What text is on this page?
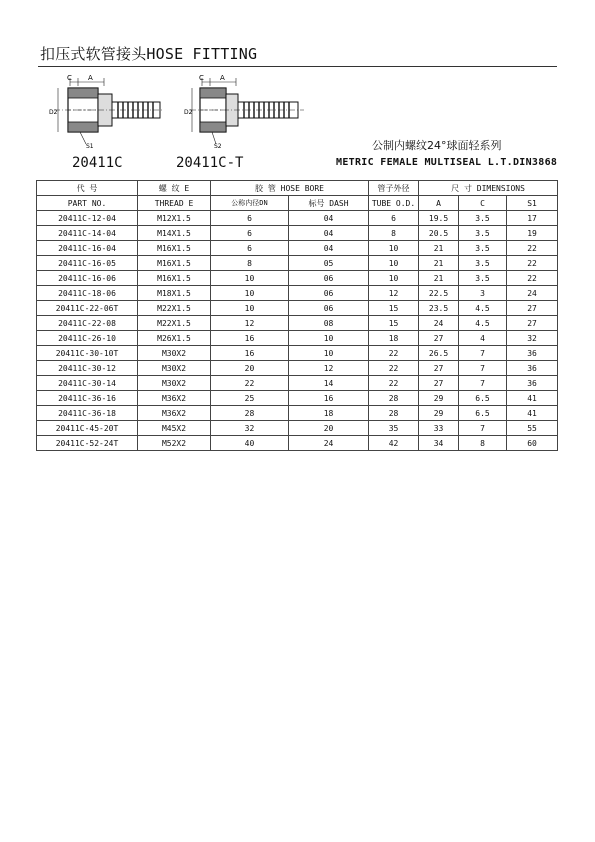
扣压式软管接头HOSE FITTING
C A
D2
S1
20411C
C A
D2
S2
20411C-T
公制内螺纹24°球面轻系列
METRIC FEMALE MULTISEAL L.T.DIN3868
代 号	螺 纹 E	胶 管 HOSE BORE		管子外径	尺 寸 DIMENSIONS		
PART NO.	THREAD E	公称内径DN	标号 DASH	TUBE O.D.	A	C	S1
20411C-12-04	M12X1.5	6	04	6	19.5	3.5	17
20411C-14-04	M14X1.5	6	04	8	20.5	3.5	19
20411C-16-04	M16X1.5	6	04	10	21	3.5	22
20411C-16-05	M16X1.5	8	05	10	21	3.5	22
20411C-16-06	M16X1.5	10	06	10	21	3.5	22
20411C-18-06	M18X1.5	10	06	12	22.5	3	24
20411C-22-06T	M22X1.5	10	06	15	23.5	4.5	27
20411C-22-08	M22X1.5	12	08	15	24	4.5	27
20411C-26-10	M26X1.5	16	10	18	27	4	32
20411C-30-10T	M30X2	16	10	22	26.5	7	36
20411C-30-12	M30X2	20	12	22	27	7	36
20411C-30-14	M30X2	22	14	22	27	7	36
20411C-36-16	M36X2	25	16	28	29	6.5	41
20411C-36-18	M36X2	28	18	28	29	6.5	41
20411C-45-20T	M45X2	32	20	35	33	7	55
20411C-52-24T	M52X2	40	24	42	34	8	60
